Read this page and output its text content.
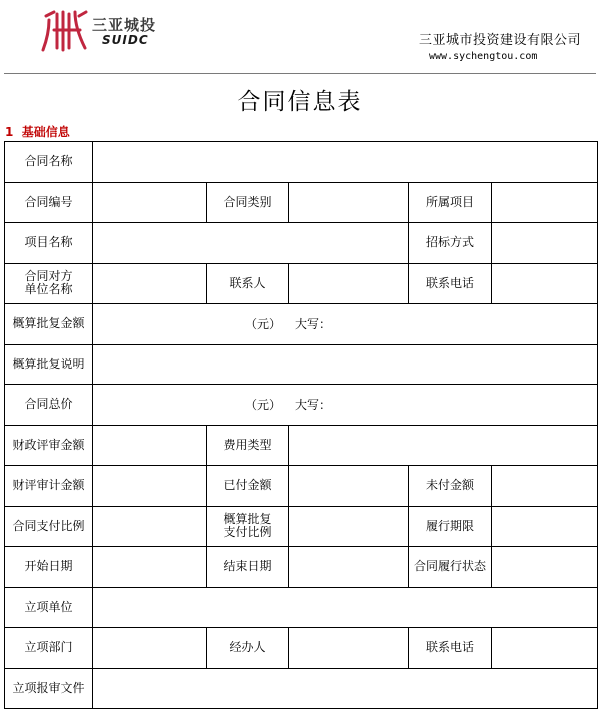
三亚城投
SUIDC	三亚城市投资建设有限公司
www.sychengtou.com
合同信息表
1 基础信息
合同名称					
合同编号		合同类别		所属项目	
项目名称				招标方式	
合同对方单位名称		联系人		联系电话	
概算批复金额	（元） 大写：				
概算批复说明					
合同总价	（元） 大写：				
财政评审金额		费用类型			
财评审计金额		已付金额		未付金额	
合同支付比例		概算批复支付比例		履行期限	
开始日期		结束日期		合同履行状态	
立项单位					
立项部门		经办人		联系电话	
立项报审文件					
